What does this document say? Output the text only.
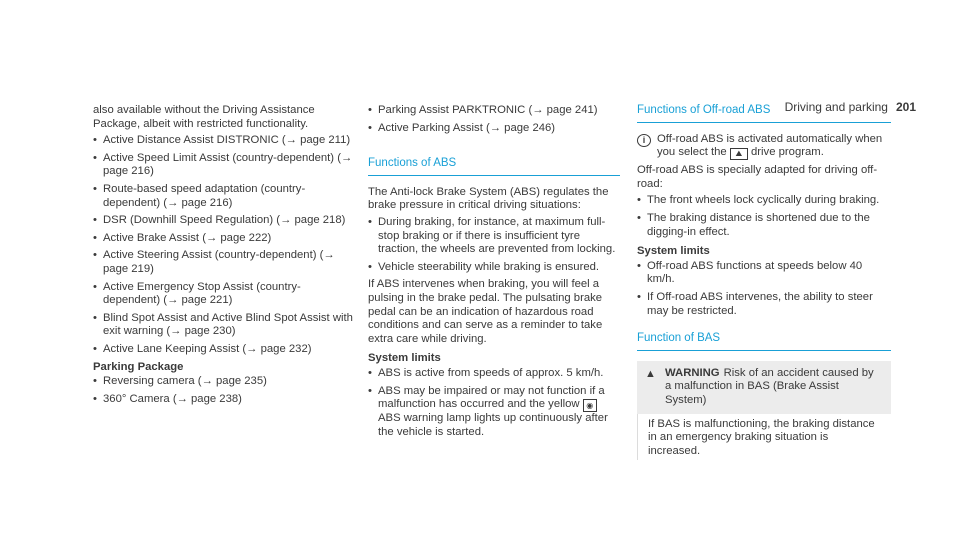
Driving and parking 201

also available without the Driving Assistance Package, albeit with restricted functionality.

• Active Distance Assist DISTRONIC (→ page 211)
• Active Speed Limit Assist (country-dependent) (→ page 216)
• Route-based speed adaptation (country-dependent) (→ page 216)
• DSR (Downhill Speed Regulation) (→ page 218)
• Active Brake Assist (→ page 222)
• Active Steering Assist (country-dependent) (→ page 219)
• Active Emergency Stop Assist (country-dependent) (→ page 221)
• Blind Spot Assist and Active Blind Spot Assist with exit warning (→ page 230)
• Active Lane Keeping Assist (→ page 232)
Parking Package
• Reversing camera (→ page 235)
• 360° Camera (→ page 238)
• Parking Assist PARKTRONIC (→ page 241)
• Active Parking Assist (→ page 246)
Functions of ABS

The Anti-lock Brake System (ABS) regulates the brake pressure in critical driving situations:

• During braking, for instance, at maximum full-stop braking or if there is insufficient tyre traction, the wheels are prevented from locking.
• Vehicle steerability while braking is ensured.

If ABS intervenes when braking, you will feel a pulsing in the brake pedal. The pulsating brake pedal can be an indication of hazardous road conditions and can serve as a reminder to take extra care while driving.

System limits
• ABS is active from speeds of approx. 5 km/h.
• ABS may be impaired or may not function if a malfunction has occurred and the yellow ◉ ABS warning lamp lights up continuously after the vehicle is started.
Functions of Off-road ABS
i	Off-road ABS is activated automatically when you select the ⛰ drive program.

Off-road ABS is specially adapted for driving off-road:

• The front wheels lock cyclically during braking.
• The braking distance is shortened due to the digging-in effect.
System limits
• Off-road ABS functions at speeds below 40 km/h.
• If Off-road ABS intervenes, the ability to steer may be restricted.
Function of BAS
▲ WARNING Risk of an accident caused by a malfunction in BAS (Brake Assist System)
If BAS is malfunctioning, the braking distance in an emergency braking situation is increased.
